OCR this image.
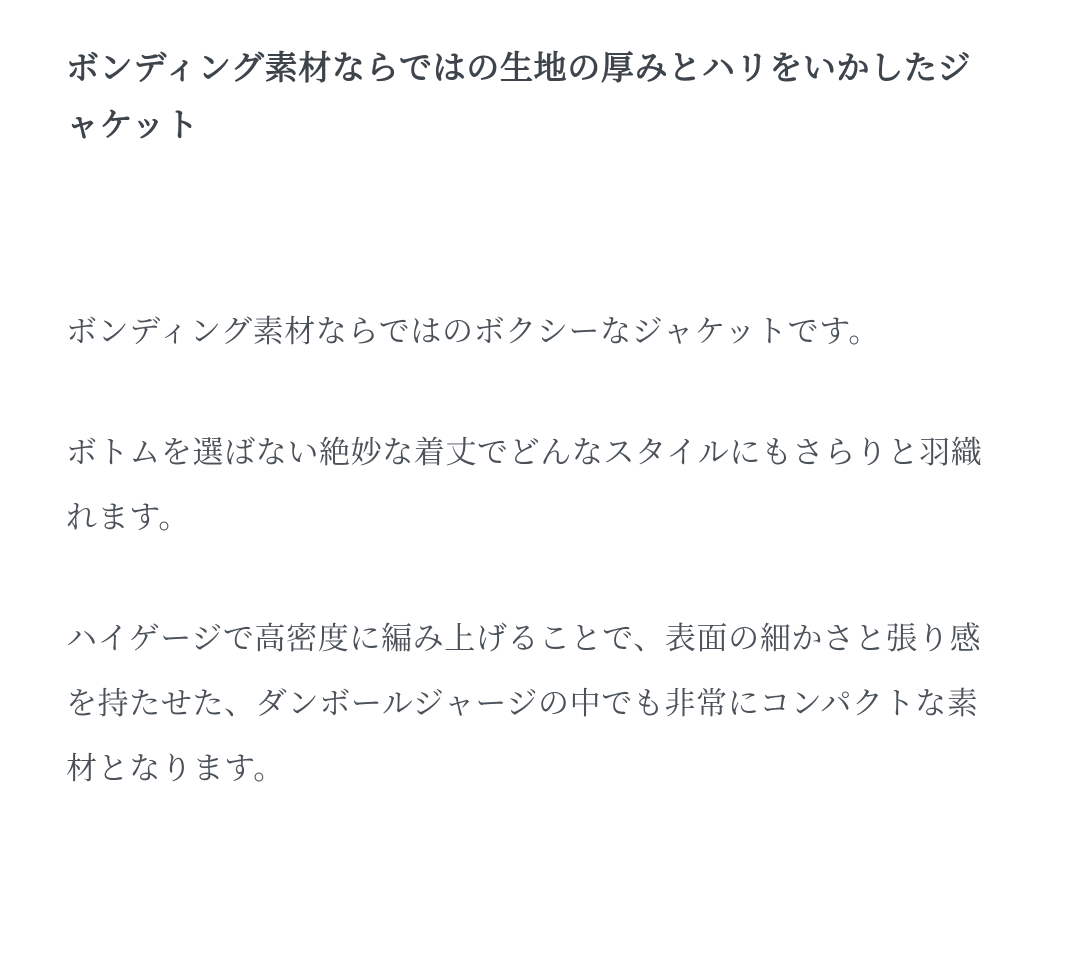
ボンディング素材ならではの生地の厚みとハリをいかしたジャケット

ボンディング素材ならではのボクシーなジャケットです。

ボトムを選ばない絶妙な着丈でどんなスタイルにもさらりと羽織れます。

ハイゲージで高密度に編み上げることで、表面の細かさと張り感を持たせた、ダンボールジャージの中でも非常にコンパクトな素材となります。
